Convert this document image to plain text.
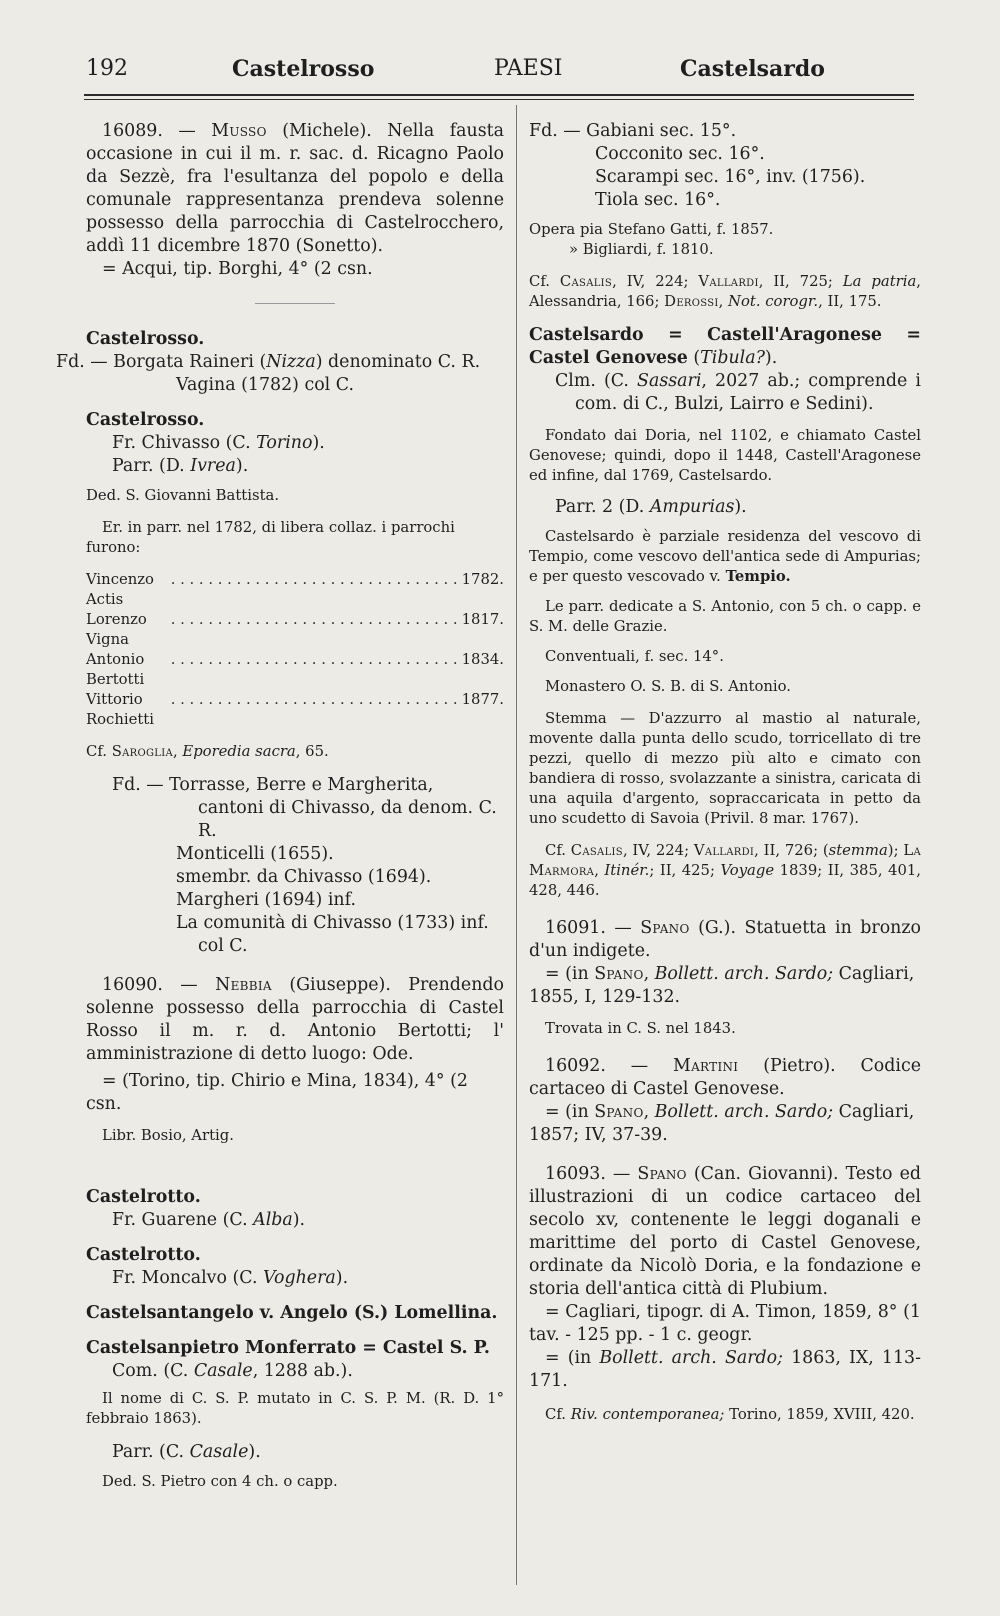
192	Castelrosso	PAESI	Castelsardo

16089. — Musso (Michele). Nella fausta occasione in cui il m. r. sac. d. Ricagno Paolo da Sezzè, fra l'esultanza del popolo e della comunale rappresentanza prendeva solenne possesso della parrocchia di Castelrocchero, addì 11 dicembre 1870 (Sonetto).

= Acqui, tip. Borghi, 4° (2 csn.

Castelrosso.

Fd. — Borgata Raineri (Nizza) denominato C. R.

Vagina (1782) col C.

Castelrosso.

Fr. Chivasso (C. Torino).

Parr. (D. Ivrea).

Ded. S. Giovanni Battista.

Er. in parr. nel 1782, di libera collaz. i parrochi furono:

Vincenzo Actis
. . . . . . . . . . . . . . . . . . . . . . . . . . . . . . . 1782.
Lorenzo Vigna
. . . . . . . . . . . . . . . . . . . . . . . . . . . . . . . 1817.
Antonio Bertotti
. . . . . . . . . . . . . . . . . . . . . . . . . . . . . . . 1834.
Vittorio Rochietti
. . . . . . . . . . . . . . . . . . . . . . . . . . . . . . . 1877.

Cf. Saroglia, Eporedia sacra, 65.

Fd. — Torrasse, Berre e Margherita, cantoni di Chivasso, da denom. C. R.

Monticelli (1655).

smembr. da Chivasso (1694).

Margheri (1694) inf.

La comunità di Chivasso (1733) inf. col C.

16090. — Nebbia (Giuseppe). Prendendo solenne possesso della parrocchia di Castel Rosso il m. r. d. Antonio Bertotti; l' amministrazione di detto luogo: Ode.

= (Torino, tip. Chirio e Mina, 1834), 4° (2 csn.

Libr. Bosio, Artig.

Castelrotto.

Fr. Guarene (C. Alba).

Castelrotto.

Fr. Moncalvo (C. Voghera).

Castelsantangelo v. Angelo (S.) Lomellina.

Castelsanpietro Monferrato = Castel S. P.

Com. (C. Casale, 1288 ab.).

Il nome di C. S. P. mutato in C. S. P. M. (R. D. 1° febbraio 1863).

Parr. (C. Casale).

Ded. S. Pietro con 4 ch. o capp.

Fd. — Gabiani sec. 15°.

Cocconito sec. 16°.

Scarampi sec. 16°, inv. (1756).

Tiola sec. 16°.

Opera pia Stefano Gatti, f. 1857.

» Bigliardi, f. 1810.

Cf. Casalis, IV, 224; Vallardi, II, 725; La patria, Alessandria, 166; Derossi, Not. corogr., II, 175.

Castelsardo = Castell'Aragonese = Castel Genovese (Tibula?).

Clm. (C. Sassari, 2027 ab.; comprende i com. di C., Bulzi, Lairro e Sedini).

Fondato dai Doria, nel 1102, e chiamato Castel Genovese; quindi, dopo il 1448, Castell'Aragonese ed infine, dal 1769, Castelsardo.

Parr. 2 (D. Ampurias).

Castelsardo è parziale residenza del vescovo di Tempio, come vescovo dell'antica sede di Ampurias; e per questo vescovado v. Tempio.

Le parr. dedicate a S. Antonio, con 5 ch. o capp. e S. M. delle Grazie.

Conventuali, f. sec. 14°.

Monastero O. S. B. di S. Antonio.

Stemma — D'azzurro al mastio al naturale, movente dalla punta dello scudo, torricellato di tre pezzi, quello di mezzo più alto e cimato con bandiera di rosso, svolazzante a sinistra, caricata di una aquila d'argento, sopraccaricata in petto da uno scudetto di Savoia (Privil. 8 mar. 1767).

Cf. Casalis, IV, 224; Vallardi, II, 726; (stemma); La Marmora, Itinér.; II, 425; Voyage 1839; II, 385, 401, 428, 446.

16091. — Spano (G.). Statuetta in bronzo d'un indigete.

= (in Spano, Bollett. arch. Sardo; Cagliari, 1855, I, 129-132.

Trovata in C. S. nel 1843.

16092. — Martini (Pietro). Codice cartaceo di Castel Genovese.

= (in Spano, Bollett. arch. Sardo; Cagliari, 1857; IV, 37-39.

16093. — Spano (Can. Giovanni). Testo ed illustrazioni di un codice cartaceo del secolo xv, contenente le leggi doganali e marittime del porto di Castel Genovese, ordinate da Nicolò Doria, e la fondazione e storia dell'antica città di Plubium.

= Cagliari, tipogr. di A. Timon, 1859, 8° (1 tav. - 125 pp. - 1 c. geogr.

= (in Bollett. arch. Sardo; 1863, IX, 113-171.

Cf. Riv. contemporanea; Torino, 1859, XVIII, 420.
